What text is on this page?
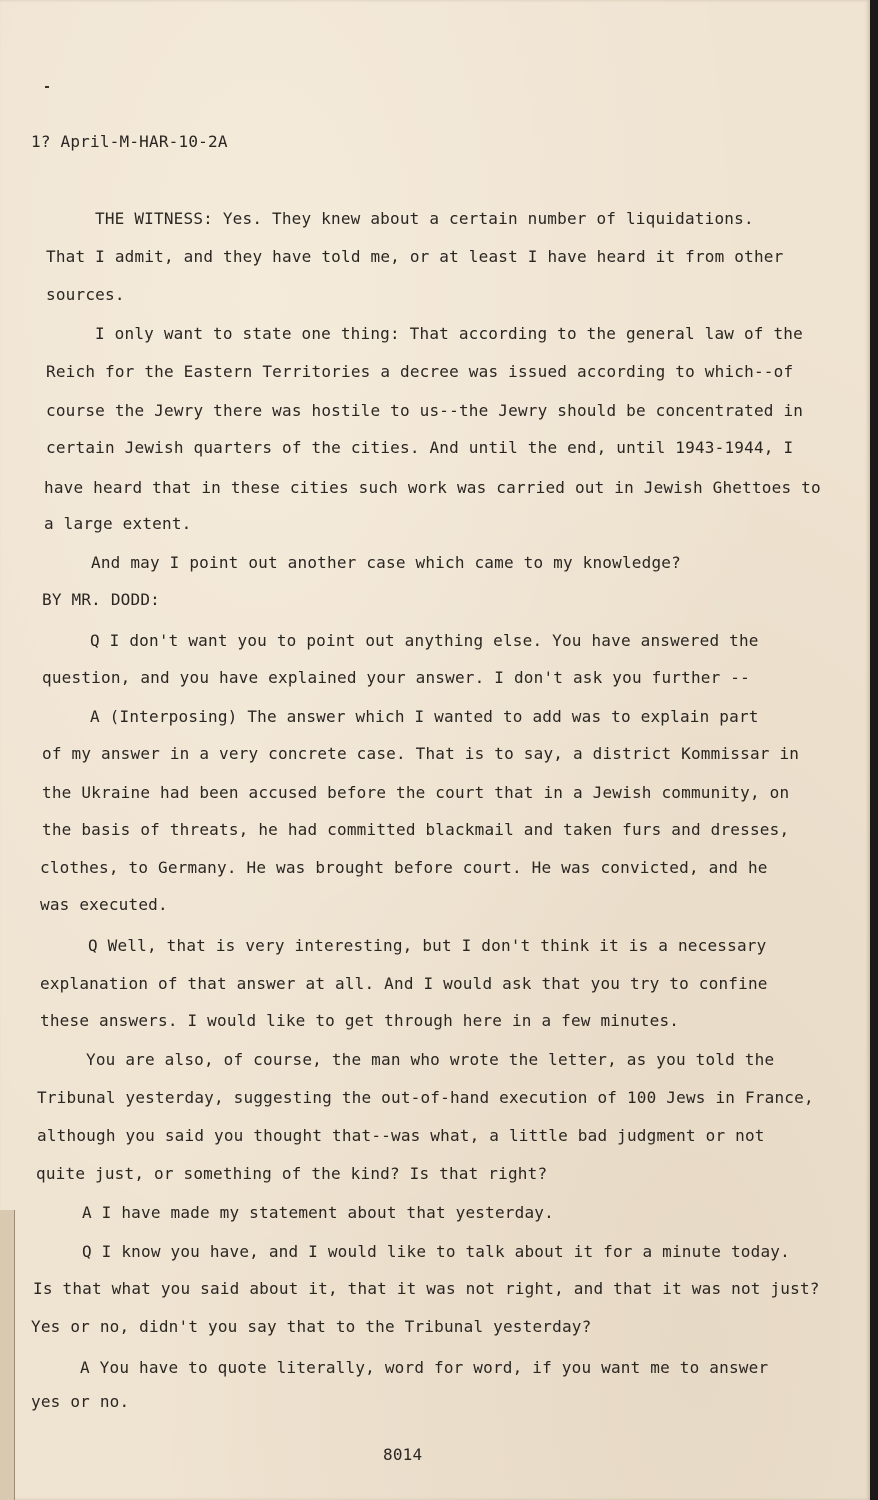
1? April-M-HAR-10-2A
THE WITNESS: Yes. They knew about a certain number of liquidations.
That I admit, and they have told me, or at least I have heard it from other
sources.
I only want to state one thing: That according to the general law of the
Reich for the Eastern Territories a decree was issued according to which--of
course the Jewry there was hostile to us--the Jewry should be concentrated in
certain Jewish quarters of the cities. And until the end, until 1943-1944, I
have heard that in these cities such work was carried out in Jewish Ghettoes to
a large extent.
And may I point out another case which came to my knowledge?
BY MR. DODD:
Q I don't want you to point out anything else. You have answered the
question, and you have explained your answer. I don't ask you further --
A (Interposing) The answer which I wanted to add was to explain part
of my answer in a very concrete case. That is to say, a district Kommissar in
the Ukraine had been accused before the court that in a Jewish community, on
the basis of threats, he had committed blackmail and taken furs and dresses,
clothes, to Germany. He was brought before court. He was convicted, and he
was executed.
Q Well, that is very interesting, but I don't think it is a necessary
explanation of that answer at all. And I would ask that you try to confine
these answers. I would like to get through here in a few minutes.
You are also, of course, the man who wrote the letter, as you told the
Tribunal yesterday, suggesting the out-of-hand execution of 100 Jews in France,
although you said you thought that--was what, a little bad judgment or not
quite just, or something of the kind? Is that right?
A I have made my statement about that yesterday.
Q I know you have, and I would like to talk about it for a minute today.
Is that what you said about it, that it was not right, and that it was not just?
Yes or no, didn't you say that to the Tribunal yesterday?
A You have to quote literally, word for word, if you want me to answer
yes or no.
8014
